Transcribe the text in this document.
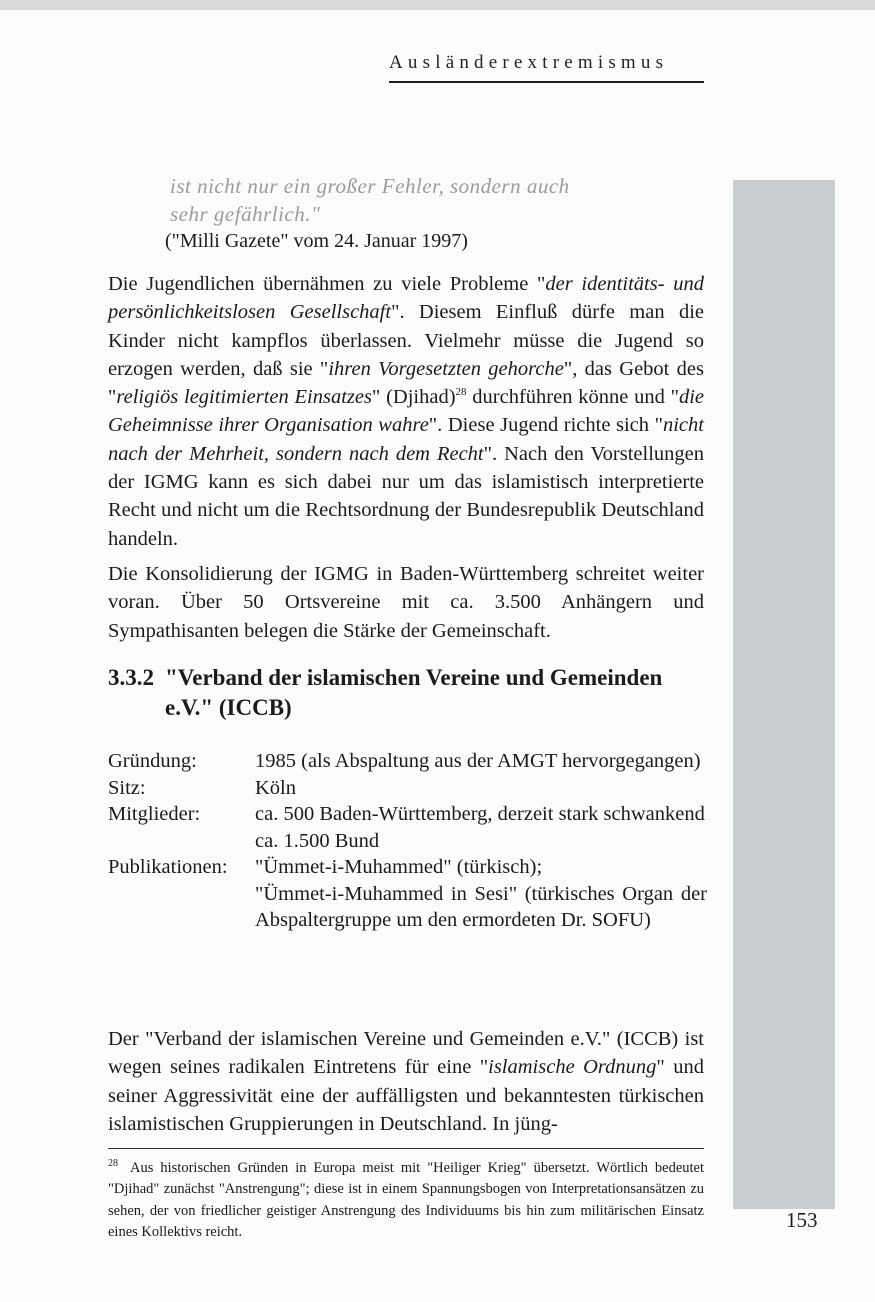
Ausländerextremismus
ist nicht nur ein großer Fehler, sondern auch
sehr gefährlich."
("Milli Gazete" vom 24. Januar 1997)
Die Jugendlichen übernähmen zu viele Probleme "der identitäts- und persönlichkeitslosen Gesellschaft". Diesem Einfluß dürfe man die Kinder nicht kampflos überlassen. Vielmehr müsse die Jugend so erzogen werden, daß sie "ihren Vorgesetzten gehorche", das Gebot des "religiös legitimierten Einsatzes" (Djihad)$^{28}$ durchführen könne und "die Geheimnisse ihrer Organisation wahre". Diese Jugend richte sich "nicht nach der Mehrheit, sondern nach dem Recht". Nach den Vorstellungen der IGMG kann es sich dabei nur um das islamistisch interpretierte Recht und nicht um die Rechtsordnung der Bundesrepublik Deutschland handeln.
Die Konsolidierung der IGMG in Baden-Württemberg schreitet weiter voran. Über 50 Ortsvereine mit ca. 3.500 Anhängern und Sympathisanten belegen die Stärke der Gemeinschaft.
3.3.2 "Verband der islamischen Vereine und Gemeinden
e.V." (ICCB)
Gründung:	1985 (als Abspaltung aus der AMGT hervorgegangen)
Sitz:	Köln
Mitglieder:	ca. 500 Baden-Württemberg, derzeit stark schwankend
ca. 1.500 Bund
Publikationen:	"Ümmet-i-Muhammed" (türkisch);
"Ümmet-i-Muhammed in Sesi" (türkisches Organ der Abspaltergruppe um den ermordeten Dr. SOFU)
Der "Verband der islamischen Vereine und Gemeinden e.V." (ICCB) ist wegen seines radikalen Eintretens für eine "islamische Ordnung" und seiner Aggressivität eine der auffälligsten und bekanntesten türkischen islamistischen Gruppierungen in Deutschland. In jüng-
$^{28}$ Aus historischen Gründen in Europa meist mit "Heiliger Krieg" übersetzt. Wörtlich bedeutet "Djihad" zunächst "Anstrengung"; diese ist in einem Spannungsbogen von Interpretationsansätzen zu sehen, der von friedlicher geistiger Anstrengung des Individuums bis hin zum militärischen Einsatz eines Kollektivs reicht.
153
